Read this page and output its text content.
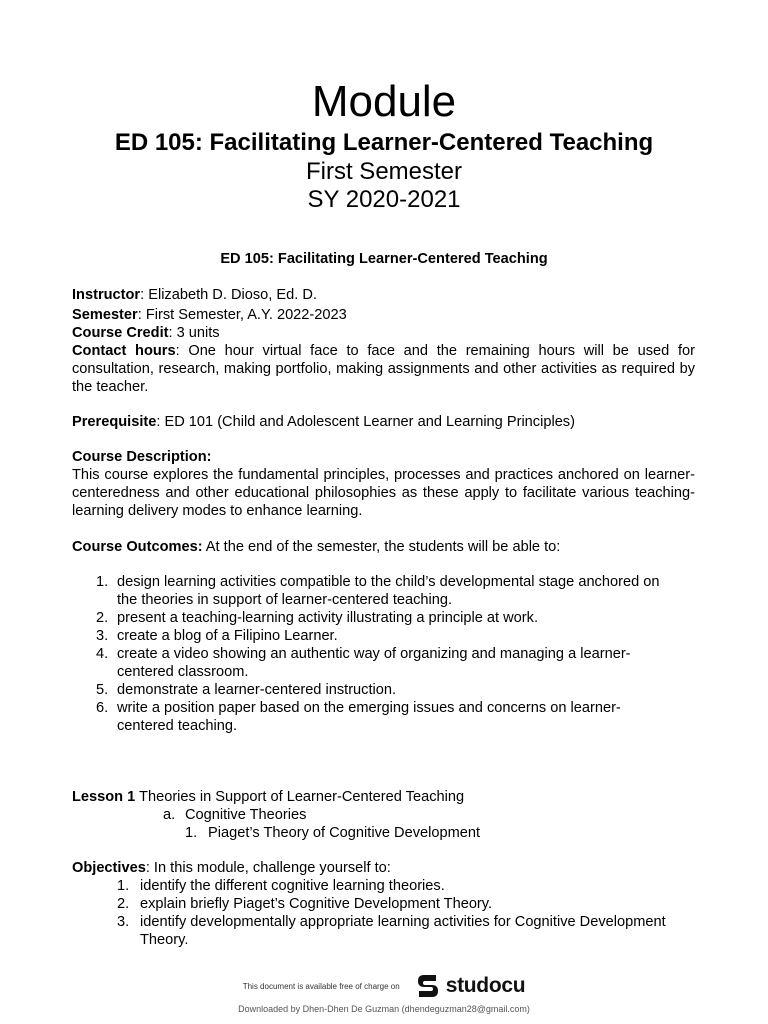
Module
ED 105: Facilitating Learner-Centered Teaching
First Semester
SY 2020-2021
ED 105: Facilitating Learner-Centered Teaching
Instructor: Elizabeth D. Dioso, Ed. D.
Semester: First Semester, A.Y. 2022-2023
Course Credit: 3 units
Contact hours: One hour virtual face to face and the remaining hours will be used for consultation, research, making portfolio, making assignments and other activities as required by the teacher.
Prerequisite: ED 101 (Child and Adolescent Learner and Learning Principles)
Course Description:
This course explores the fundamental principles, processes and practices anchored on learner-centeredness and other educational philosophies as these apply to facilitate various teaching-learning delivery modes to enhance learning.
Course Outcomes: At the end of the semester, the students will be able to:
1. design learning activities compatible to the child’s developmental stage anchored on
the theories in support of learner-centered teaching.
2. present a teaching-learning activity illustrating a principle at work.
3. create a blog of a Filipino Learner.
4. create a video showing an authentic way of organizing and managing a learner-
centered classroom.
5. demonstrate a learner-centered instruction.
6. write a position paper based on the emerging issues and concerns on learner-
centered teaching.
Lesson 1 Theories in Support of Learner-Centered Teaching
a. Cognitive Theories
1. Piaget’s Theory of Cognitive Development
Objectives: In this module, challenge yourself to:
1. identify the different cognitive learning theories.
2. explain briefly Piaget’s Cognitive Development Theory.
3. identify developmentally appropriate learning activities for Cognitive Development
Theory.
This document is available free of charge on studocu
Downloaded by Dhen-Dhen De Guzman (dhendeguzman28@gmail.com)
